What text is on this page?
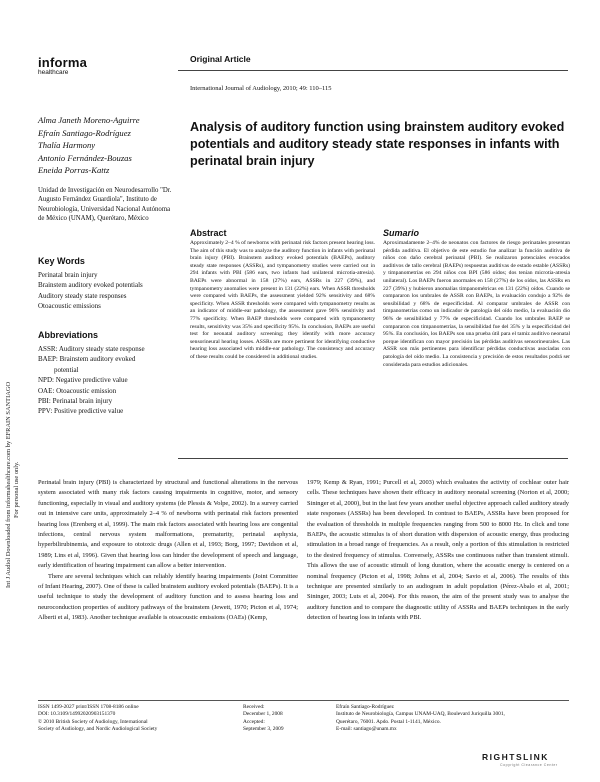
informa
healthcare
Original Article
International Journal of Audiology, 2010; 49: 110–115
Alma Janeth Moreno-Aguirre
Efraín Santiago-Rodríguez
Thalía Harmony
Antonio Fernández-Bouzas
Eneida Porras-Kattz
Unidad de Investigación en Neurodesarrollo "Dr. Augusto Fernández Guardiola", Instituto de Neurobiología, Universidad Nacional Autónoma de México (UNAM), Querétaro, México
Key Words
Perinatal brain injury
Brainstem auditory evoked potentials
Auditory steady state responses
Otoacoustic emissions
Abbreviations
ASSR: Auditory steady state response
BAEP: Brainstem auditory evoked
potential
NPD: Negative predictive value
OAE: Otoacoustic emission
PBI: Perinatal brain injury
PPV: Positive predictive value
Analysis of auditory function using brainstem auditory evoked potentials and auditory steady state responses in infants with perinatal brain injury
Abstract
Approximately 2–4 % of newborns with perinatal risk factors present hearing loss. The aim of this study was to analyze the auditory function in infants with perinatal brain injury (PBI). Brainstem auditory evoked potentials (BAEPs), auditory steady state responses (ASSRs), and tympanometry studies were carried out in 294 infants with PBI (586 ears, two infants had unilateral microtia-atresia). BAEPs were abnormal in 158 (27%) ears, ASSRs in 227 (39%), and tympanometry anomalies were present in 131 (22%) ears. When ASSR thresholds were compared with BAEPs, the assessment yielded 92% sensitivity and 68% specificity. When ASSR thresholds were compared with tympanometry results as an indicator of middle-ear pathology, the assessment gave 96% sensitivity and 77% specificity. When BAEP thresholds were compared with tympanometry results, sensitivity was 35% and specificity 95%. In conclusion, BAEPs are useful test for neonatal auditory screening; they identify with more accuracy sensorineural hearing losses. ASSRs are more pertinent for identifying conductive hearing loss associated with middle-ear pathology. The consistency and accuracy of these results could be considered in additional studies.
Sumario
Aproximadamente 2–4% de neonatos con factores de riesgo perinatales presentan pérdida auditiva. El objetivo de este estudio fue analizar la función auditiva de niños con daño cerebral perinatal (PBI). Se realizaron potenciales evocados auditivos de tallo cerebral (BAEPs) respuestas auditivas de estado estable (ASSRs) y timpanometrías en 294 niños con BPI (586 oídos; dos tenían microtia-atresia unilateral). Los BAEPs fueron anormales en 158 (27%) de los oídos, las ASSRs en 227 (39%) y hubieron anomalías timpanométricas en 131 (22%) oídos. Cuando se compararon los umbrales de ASSR con BAEPs, la evaluación condujo a 92% de sensibilidad y 68% de especificidad. Al comparar umbrales de ASSR con timpanometrías como un indicador de patología del oído medio, la evaluación dio 96% de sensibilidad y 77% de especificidad. Cuando los umbrales BAEP se compararon con timpanometrías, la sensibilidad fue del 35% y la especificidad del 95%. En conclusión, los BAEPs son una prueba útil para el tamiz auditivo neonatal porque identifican con mayor precisión las pérdidas auditivas sensorineurales. Las ASSR son más pertinentes para identificar pérdidas conductivas asociadas con patología del oído medio. La consistencia y precisión de estos resultados podrá ser considerada para estudios adicionales.

Perinatal brain injury (PBI) is characterized by structural and functional alterations in the nervous system associated with many risk factors causing impairments in cognitive, motor, and sensory functioning, especially in visual and auditory systems (de Plessis & Volpe, 2002). In a survey carried out in intensive care units, approximately 2–4 % of newborns with perinatal risk factors presented hearing loss (Erenberg et al, 1999). The main risk factors associated with hearing loss are congenital infections, central nervous system malformations, prematurity, perinatal asphyxia, hyperbilirubinemia, and exposure to ototoxic drugs (Allen et al, 1993; Borg, 1997; Davidson et al, 1989; Lins et al, 1996). Given that hearing loss can hinder the development of speech and language, early identification of hearing impairment can allow a better intervention.

There are several techniques which can reliably identify hearing impairments (Joint Committee of Infant Hearing, 2007). One of these is called brainstem auditory evoked potentials (BAEPs). It is a useful technique to study the development of auditory function and to assess hearing loss and neuroconduction properties of auditory pathways of the brainstem (Jewett, 1970; Picton et al, 1974; Alberti et al, 1983). Another technique available is otoacoustic emissions (OAEs) (Kemp,

1979; Kemp & Ryan, 1991; Purcell et al, 2003) which evaluates the activity of cochlear outer hair cells. These techniques have shown their efficacy in auditory neonatal screening (Norton et al, 2000; Sininger et al, 2000), but in the last few years another useful objective approach called auditory steady state responses (ASSRs) has been developed. In contrast to BAEPs, ASSRs have been proposed for the evaluation of thresholds in multiple frequencies ranging from 500 to 8000 Hz. In click and tone BAEPs, the acoustic stimulus is of short duration with dispersion of acoustic energy, thus producing stimulation in a broad range of frequencies. As a result, only a portion of this stimulation is restricted to the desired frequency of stimulus. Conversely, ASSRs use continuous rather than transient stimuli. This allows the use of acoustic stimuli of long duration, where the acoustic energy is centered on a nominal frequency (Picton et al, 1998; Johns et al, 2004; Savio et al, 2006). The results of this technique are presented similarly to an audiogram in adult population (Pérez-Abalo et al, 2001; Sininger, 2003; Luts et al, 2004). For this reason, the aim of the present study was to analyse the auditory function and to compare the diagnostic utility of ASSRs and BAEPs techniques in the early detection of hearing loss in infants with PBI.

ISSN 1499-2027 print/ISSN 1708-8186 online
DOI: 10.3109/14992020903151370
© 2010 British Society of Audiology, International
Society of Audiology, and Nordic Audiological Society
Received:
December 1, 2008
Accepted:
September 3, 2009
Efraín Santiago-Rodríguez
Instituto de Neurobiología, Campus UNAM-UAQ, Boulevard Juriquilla 3001,
Querétaro, 76001. Apdo. Postal 1-1141, México.
E-mail: santiago@unam.mx
Int J Audiol Downloaded from informahealthcare.com by EFRAIN SANTIAGO For personal use only.
RIGHTSLINK
Copyright Clearance Center
